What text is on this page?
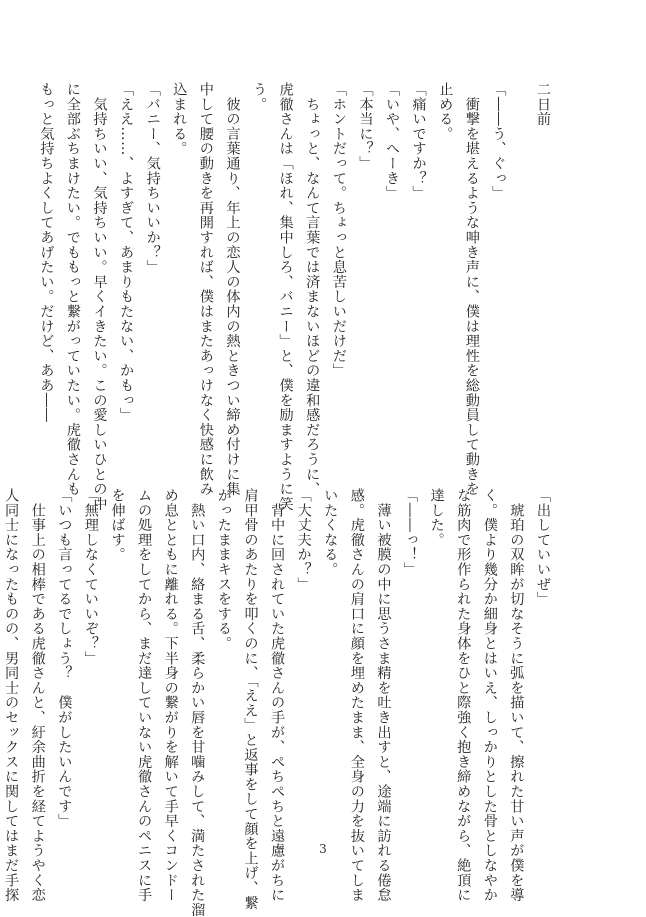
二日前
「――う、ぐっ」
　衝撃を堪えるような呻き声に、僕は理性を総動員して動きを
止める。
「痛いですか？」
「いや、へーき」
「本当に？」
「ホントだって。ちょっと息苦しいだけだ」
　ちょっと、なんて言葉では済まないほどの違和感だろうに、
虎徹さんは「ほれ、集中しろ、バニー」と、僕を励ますように笑
う。
　彼の言葉通り、年上の恋人の体内の熱ときつい締め付けに集
中して腰の動きを再開すれば、僕はまたあっけなく快感に飲み
込まれる。
「バニー、気持ちいいか？」
「ええ……、よすぎて、あまりもたない、かもっ」
　気持ちいい、気持ちいい。早くイきたい。この愛しいひとの中
に全部ぶちまけたい。でももっと繋がっていたい。虎徹さんも
もっと気持ちよくしてあげたい。だけど、ああ――
「出していいぜ」
　琥珀の双眸が切なそうに弧を描いて、擦れた甘い声が僕を導
く。僕より幾分か細身とはいえ、しっかりとした骨としなやか
な筋肉で形作られた身体をひと際強く抱き締めながら、絶頂に
達した。
「――っ！」
　薄い被膜の中に思うさま精を吐き出すと、途端に訪れる倦怠
感。虎徹さんの肩口に顔を埋めたまま、全身の力を抜いてしま
いたくなる。
「大丈夫か？」
　背中に回されていた虎徹さんの手が、ぺちぺちと遠慮がちに
肩甲骨のあたりを叩くのに、「ええ」と返事をして顔を上げ、繋
がったままキスをする。
　熱い口内、絡まる舌、柔らかい唇を甘噛みして、満たされた溜
め息とともに離れる。下半身の繋がりを解いて手早くコンドー
ムの処理をしてから、まだ達していない虎徹さんのペニスに手
を伸ばす。
「無理しなくていいぞ？」
「いつも言ってるでしょう？　僕がしたいんです」
　仕事上の相棒である虎徹さんと、紆余曲折を経てようやく恋
人同士になったものの、男同士のセックスに関してはまだ手探	3
